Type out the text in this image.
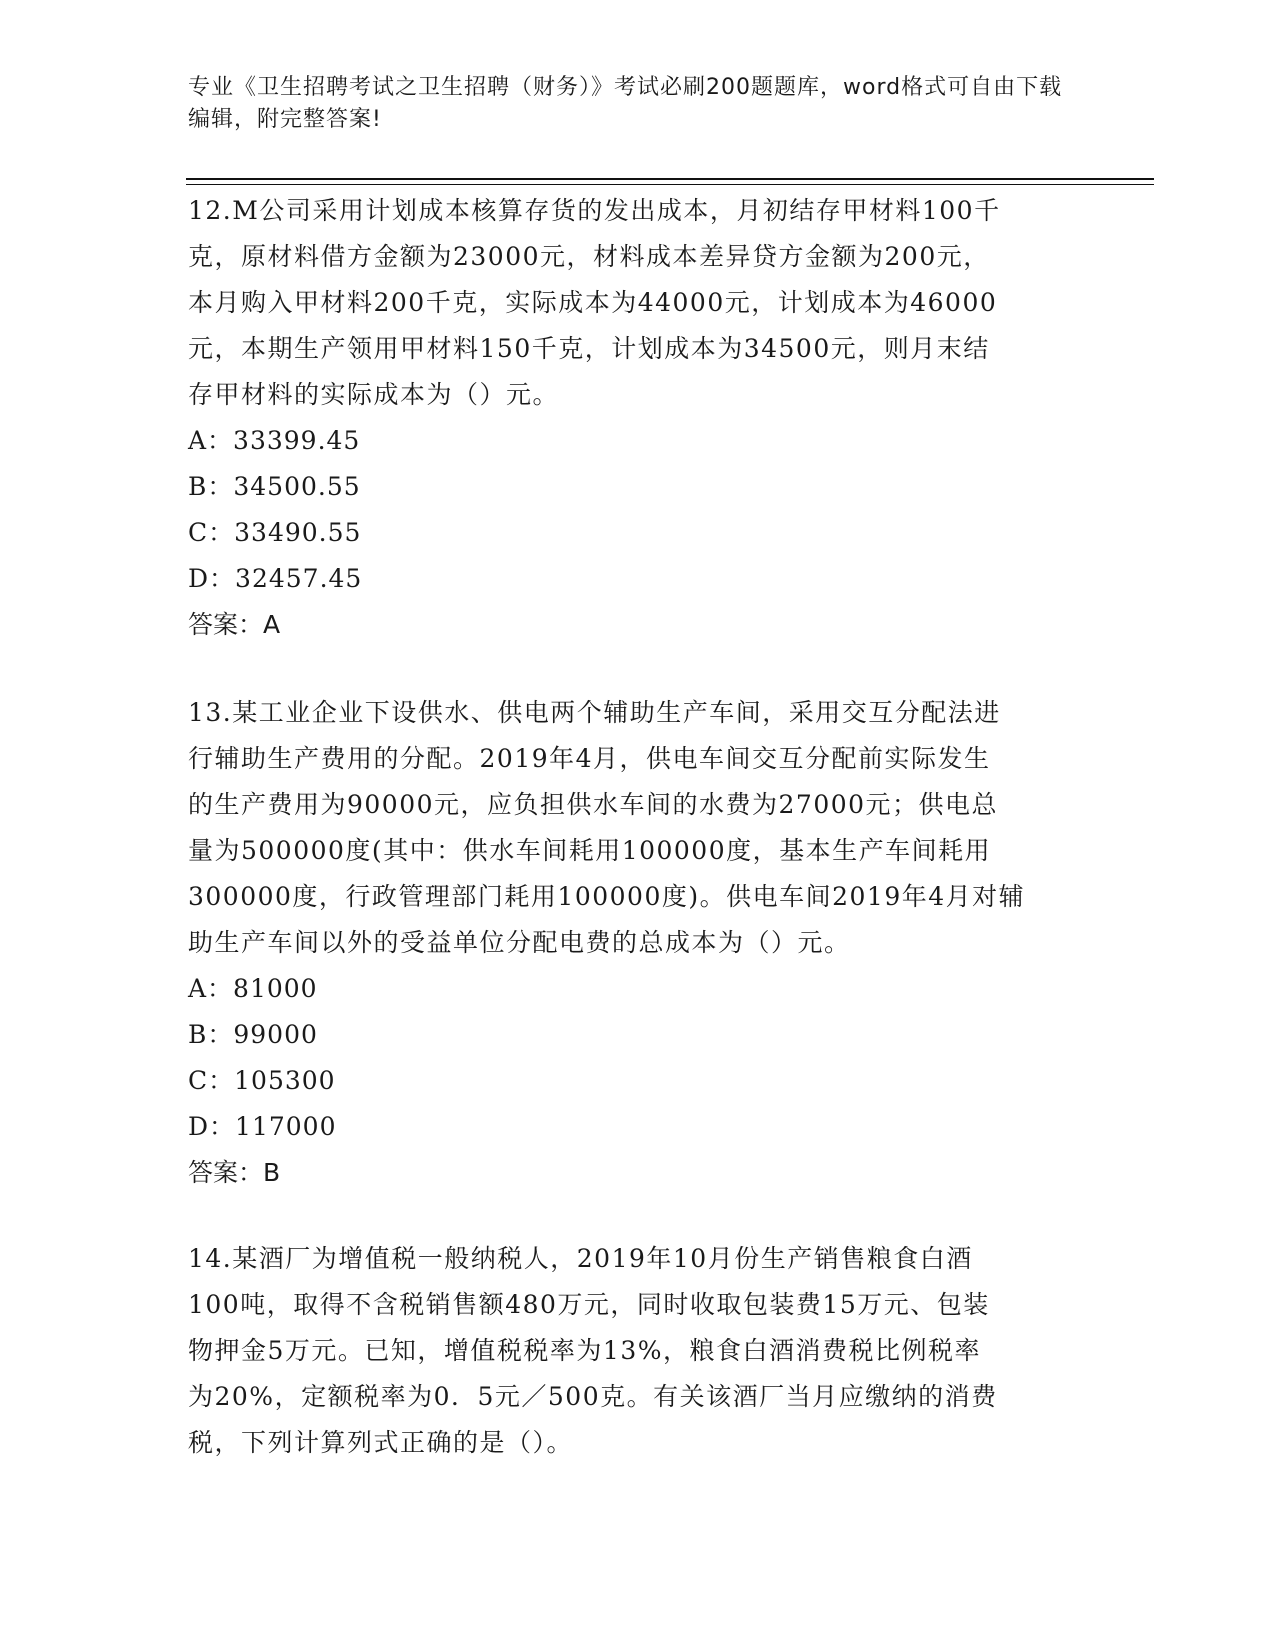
专业《卫生招聘考试之卫生招聘（财务）》考试必刷200题题库，word格式可自由下载编辑，附完整答案!

12.M公司采用计划成本核算存货的发出成本，月初结存甲材料100千

克，原材料借方金额为23000元，材料成本差异贷方金额为200元，

本月购入甲材料200千克，实际成本为44000元，计划成本为46000

元，本期生产领用甲材料150千克，计划成本为34500元，则月末结

存甲材料的实际成本为（）元。

A：33399.45

B：34500.55

C：33490.55

D：32457.45

答案：A

13.某工业企业下设供水、供电两个辅助生产车间，采用交互分配法进

行辅助生产费用的分配。2019年4月，供电车间交互分配前实际发生

的生产费用为90000元，应负担供水车间的水费为27000元；供电总

量为500000度(其中：供水车间耗用100000度，基本生产车间耗用

300000度，行政管理部门耗用100000度)。供电车间2019年4月对辅

助生产车间以外的受益单位分配电费的总成本为（）元。

A：81000

B：99000

C：105300

D：117000

答案：B

14.某酒厂为增值税一般纳税人，2019年10月份生产销售粮食白酒

100吨，取得不含税销售额480万元，同时收取包装费15万元、包装

物押金5万元。已知，增值税税率为13%，粮食白酒消费税比例税率

为20%，定额税率为0．5元／500克。有关该酒厂当月应缴纳的消费

税，下列计算列式正确的是（）。
